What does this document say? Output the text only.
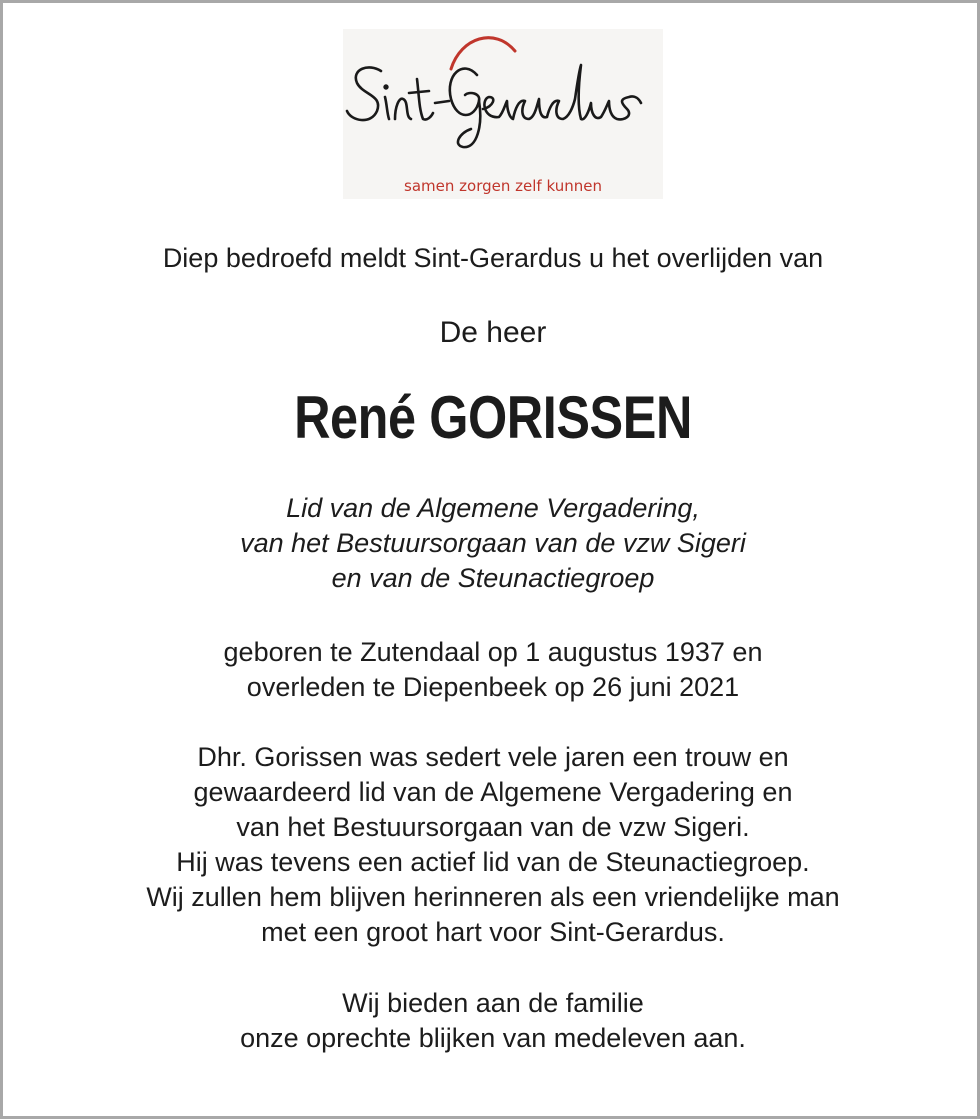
samen zorgen zelf kunnen
Diep bedroefd meldt Sint-Gerardus u het overlijden van
De heer
René GORISSEN
Lid van de Algemene Vergadering,
van het Bestuursorgaan van de vzw Sigeri
en van de Steunactiegroep
geboren te Zutendaal op 1 augustus 1937 en
overleden te Diepenbeek op 26 juni 2021
Dhr. Gorissen was sedert vele jaren een trouw en
gewaardeerd lid van de Algemene Vergadering en
van het Bestuursorgaan van de vzw Sigeri.
Hij was tevens een actief lid van de Steunactiegroep.
Wij zullen hem blijven herinneren als een vriendelijke man
met een groot hart voor Sint-Gerardus.
Wij bieden aan de familie
onze oprechte blijken van medeleven aan.
